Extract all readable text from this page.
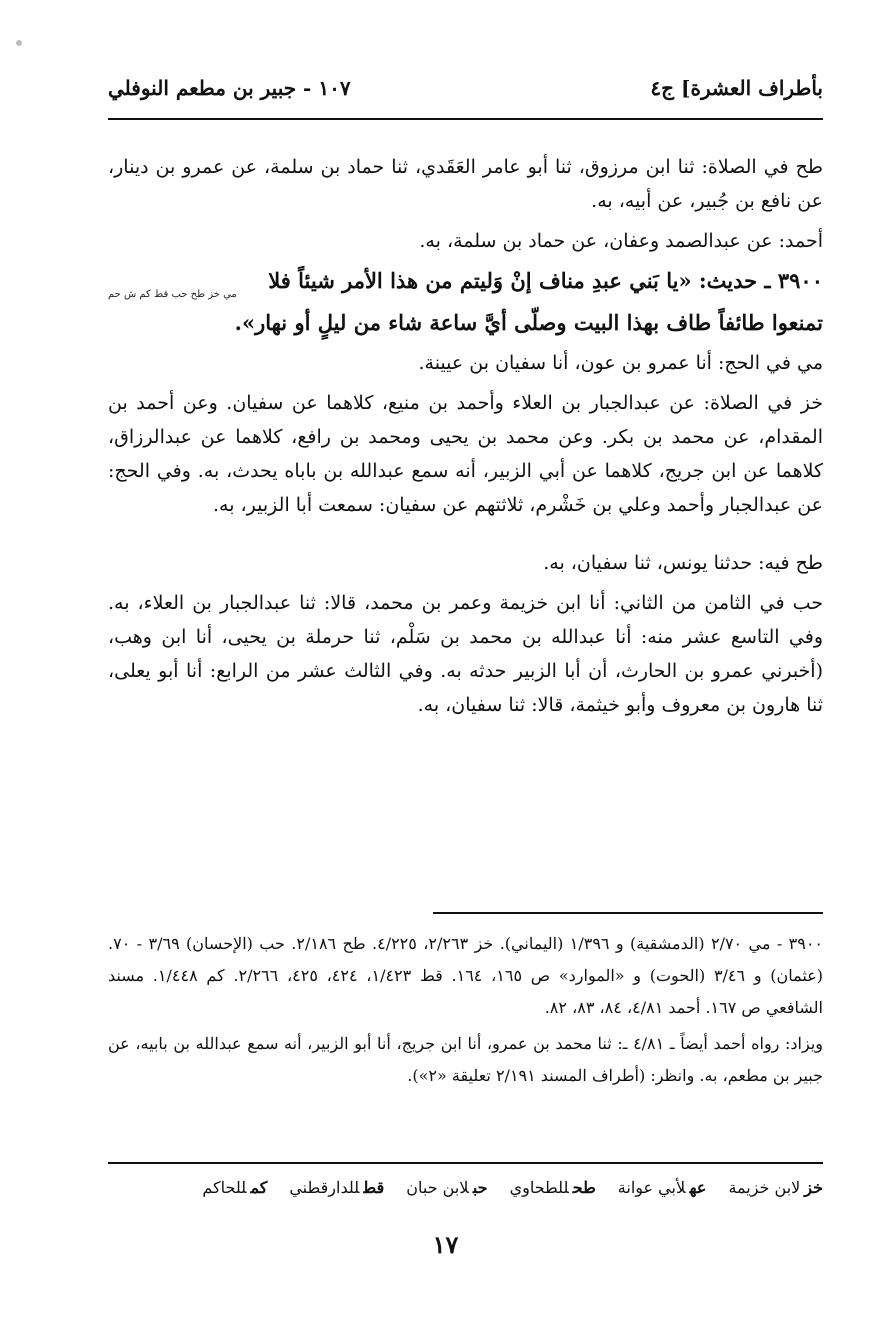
بأطراف العشرة] ج٤
١٠٧ - جبير بن مطعم النوفلي

طح في الصلاة: ثنا ابن مرزوق، ثنا أبو عامر العَقَدي، ثنا حماد بن سلمة، عن عمرو بن دينار، عن نافع بن جُبير، عن أبيه، به.

أحمد: عن عبدالصمد وعفان، عن حماد بن سلمة، به.

٣٩٠٠ ـ حديث: «يا بَني عبدِ مناف إنْ وَليتم من هذا الأمر شيئاً فلا
مي خز طح حب قط كم ش حم
تمنعوا طائفاً طاف بهذا البيت وصلّى أيَّ ساعة شاء من ليلٍ أو نهار».

مي في الحج: أنا عمرو بن عون، أنا سفيان بن عيينة.

خز في الصلاة: عن عبدالجبار بن العلاء وأحمد بن منيع، كلاهما عن سفيان. وعن أحمد بن المقدام، عن محمد بن بكر. وعن محمد بن يحيى ومحمد بن رافع، كلاهما عن عبدالرزاق، كلاهما عن ابن جريج، كلاهما عن أبي الزبير، أنه سمع عبدالله بن باباه يحدث، به. وفي الحج: عن عبدالجبار وأحمد وعلي بن خَشْرم، ثلاثتهم عن سفيان: سمعت أبا الزبير، به.

طح فيه: حدثنا يونس، ثنا سفيان، به.

حب في الثامن من الثاني: أنا ابن خزيمة وعمر بن محمد، قالا: ثنا عبدالجبار بن العلاء، به. وفي التاسع عشر منه: أنا عبدالله بن محمد بن سَلْم، ثنا حرملة بن يحيى، أنا ابن وهب، (أخبرني عمرو بن الحارث، أن أبا الزبير حدثه به. وفي الثالث عشر من الرابع: أنا أبو يعلى، ثنا هارون بن معروف وأبو خيثمة، قالا: ثنا سفيان، به.

٣٩٠٠ - مي ٢/٧٠ (الدمشقية) و ١/٣٩٦ (اليماني). خز ٢/٢٦٣، ٤/٢٢٥. طح ٢/١٨٦. حب (الإحسان) ٣/٦٩ - ٧٠. (عثمان) و ٣/٤٦ (الحوت) و «الموارد» ص ١٦٥، ١٦٤. قط ١/٤٢٣، ٤٢٤، ٤٢٥، ٢/٢٦٦. كم ١/٤٤٨. مسند الشافعي ص ١٦٧. أحمد ٤/٨١، ٨٤، ٨٣، ٨٢.

ويزاد: رواه أحمد أيضاً ـ ٤/٨١ ـ: ثنا محمد بن عمرو، أنا ابن جريج، أنا أبو الزبير، أنه سمع عبدالله بن بابيه، عن جبير بن مطعم، به. وانظر: (أطراف المسند ٢/١٩١ تعليقة «٢»).

خزلابن خزيمة
عهلأبي عوانة
طحللطحاوي
حبلابن حبان
قطللدارقطني
كمللحاكم
١٧
